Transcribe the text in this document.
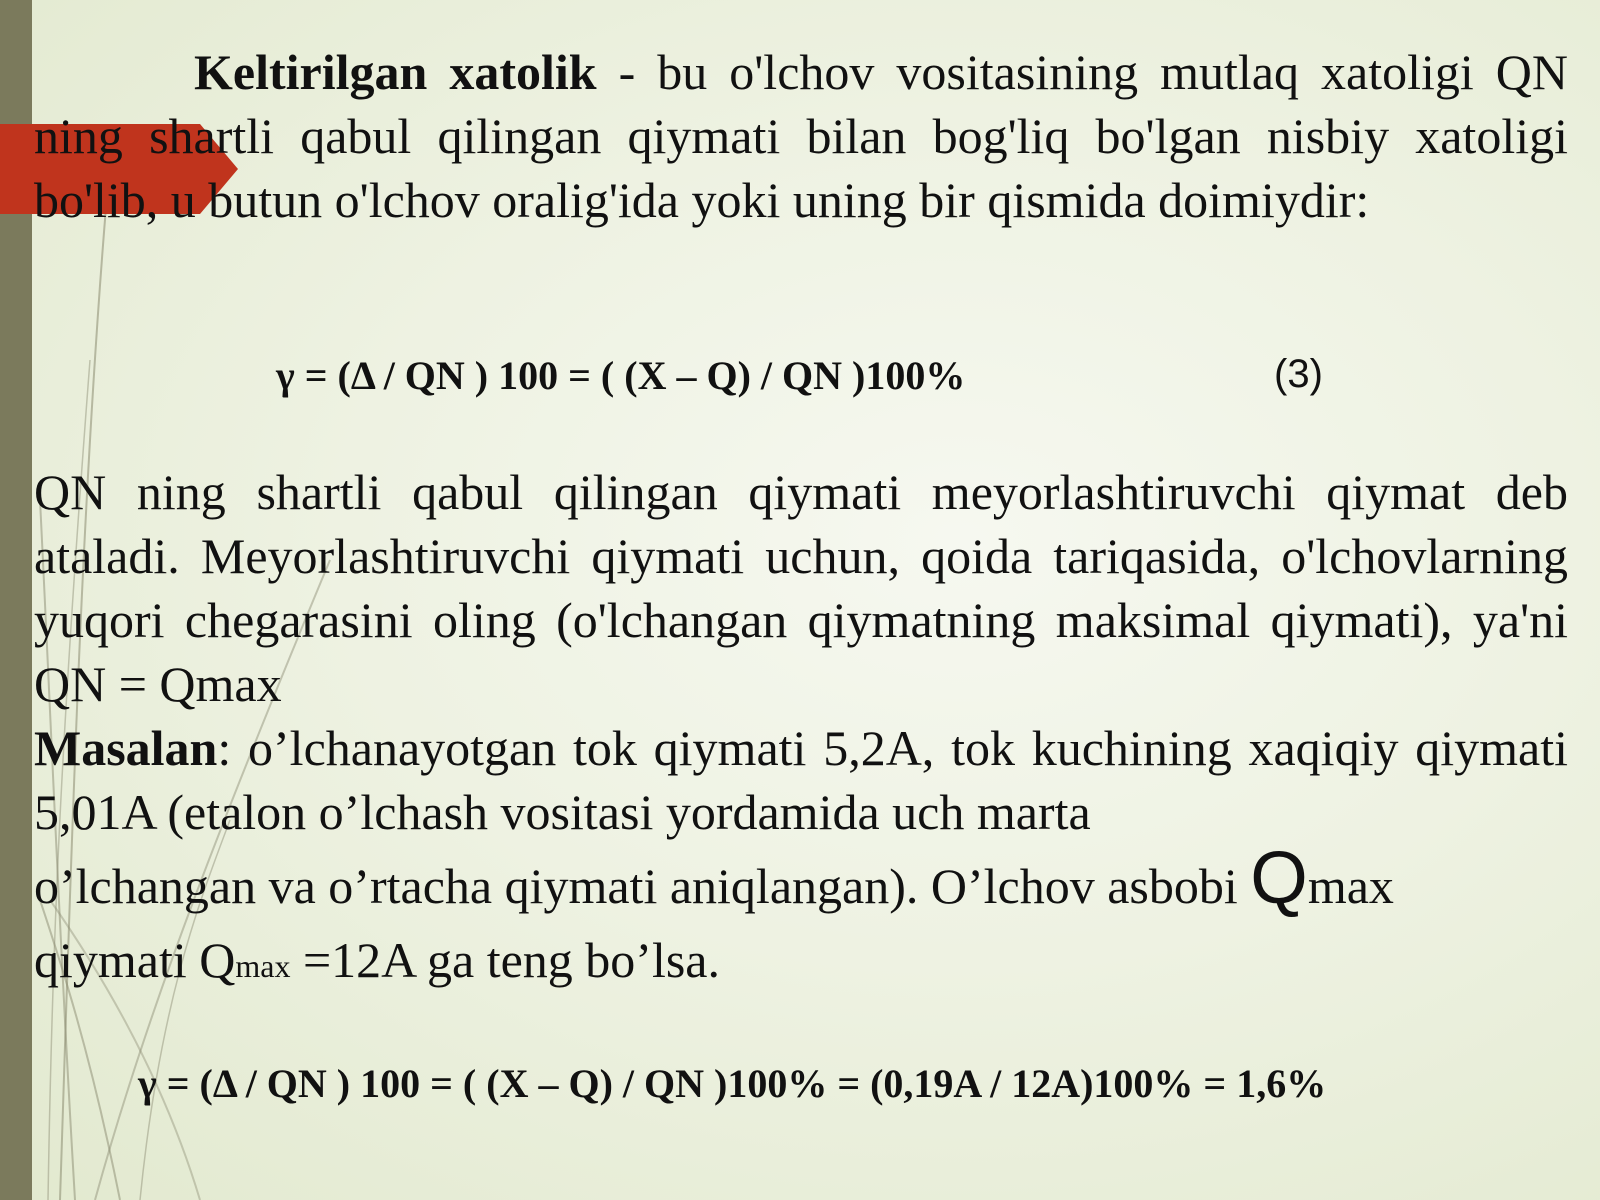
Keltirilgan xatolik - bu o'lchov vositasining mutlaq xatoligi QN ning shartli qabul qilingan qiymati bilan bog'liq bo'lgan nisbiy xatoligi bo'lib, u butun o'lchov oralig'ida yoki uning bir qismida doimiydir:

γ = (Δ / QN ) 100 = ( (X – Q) / QN )100%	(3)

QN ning shartli qabul qilingan qiymati meyorlashtiruvchi qiymat deb ataladi. Meyorlashtiruvchi qiymati uchun, qoida tariqasida, o'lchovlarning yuqori chegarasini oling (o'lchangan qiymatning maksimal qiymati), ya'ni QN = Qmax

Masalan: o’lchanayotgan tok qiymati 5,2A, tok kuchining xaqiqiy qiymati 5,01A (etalon o’lchash vositasi yordamida uch marta

o’lchangan va o’rtacha qiymati aniqlangan). O’lchov asbobi Qmax

qiymati Qmax =12A ga teng bo’lsa.

γ = (Δ / QN ) 100 = ( (X – Q) / QN )100% = (0,19A / 12A)100% = 1,6%
